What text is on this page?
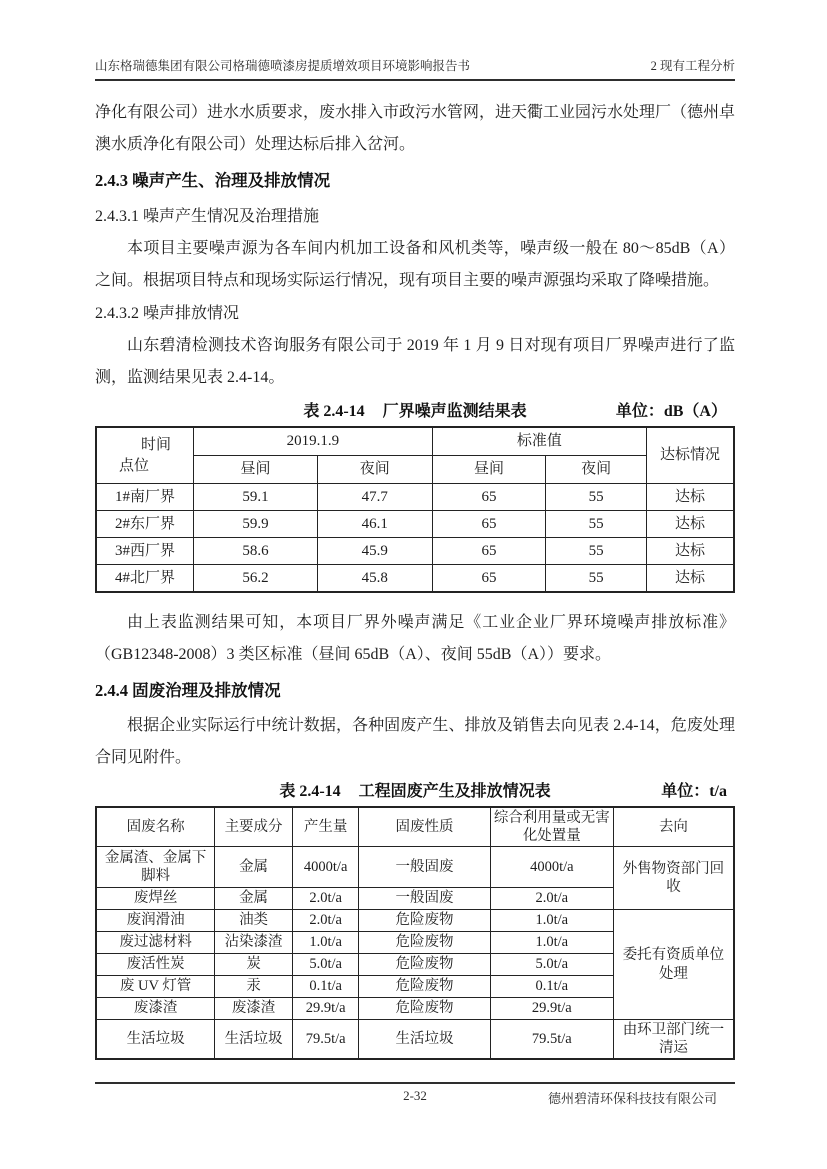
山东格瑞德集团有限公司格瑞德喷漆房提质增效项目环境影响报告书	2 现有工程分析

净化有限公司）进水水质要求，废水排入市政污水管网，进天衢工业园污水处理厂（德州卓澳水质净化有限公司）处理达标后排入岔河。

2.4.3 噪声产生、治理及排放情况
2.4.3.1 噪声产生情况及治理措施

本项目主要噪声源为各车间内机加工设备和风机类等，噪声级一般在 80～85dB（A）之间。根据项目特点和现场实际运行情况，现有项目主要的噪声源强均采取了降噪措施。

2.4.3.2 噪声排放情况

山东碧清检测技术咨询服务有限公司于 2019 年 1 月 9 日对现有项目厂界噪声进行了监测，监测结果见表 2.4-14。

表 2.4-14 厂界噪声监测结果表	单位：dB（A）
时间
点位	2019.1.9		标准值		达标情况
	昼间	夜间	昼间	夜间	
1#南厂界	59.1	47.7	65	55	达标
2#东厂界	59.9	46.1	65	55	达标
3#西厂界	58.6	45.9	65	55	达标
4#北厂界	56.2	45.8	65	55	达标

由上表监测结果可知，本项目厂界外噪声满足《工业企业厂界环境噪声排放标准》（GB12348-2008）3 类区标准（昼间 65dB（A）、夜间 55dB（A））要求。

2.4.4 固废治理及排放情况

根据企业实际运行中统计数据，各种固废产生、排放及销售去向见表 2.4-14，危废处理合同见附件。

表 2.4-14 工程固废产生及排放情况表	单位：t/a
固废名称	主要成分	产生量	固废性质	综合利用量或无害化处置量	去向
金属渣、金属下脚料	金属	4000t/a	一般固废	4000t/a	外售物资部门回收
废焊丝	金属	2.0t/a	一般固废	2.0t/a	
废润滑油	油类	2.0t/a	危险废物	1.0t/a	委托有资质单位处理
废过滤材料	沾染漆渣	1.0t/a	危险废物	1.0t/a	
废活性炭	炭	5.0t/a	危险废物	5.0t/a	
废 UV 灯管	汞	0.1t/a	危险废物	0.1t/a	
废漆渣	废漆渣	29.9t/a	危险废物	29.9t/a	
生活垃圾	生活垃圾	79.5t/a	生活垃圾	79.5t/a	由环卫部门统一清运
2-32	德州碧清环保科技技有限公司
